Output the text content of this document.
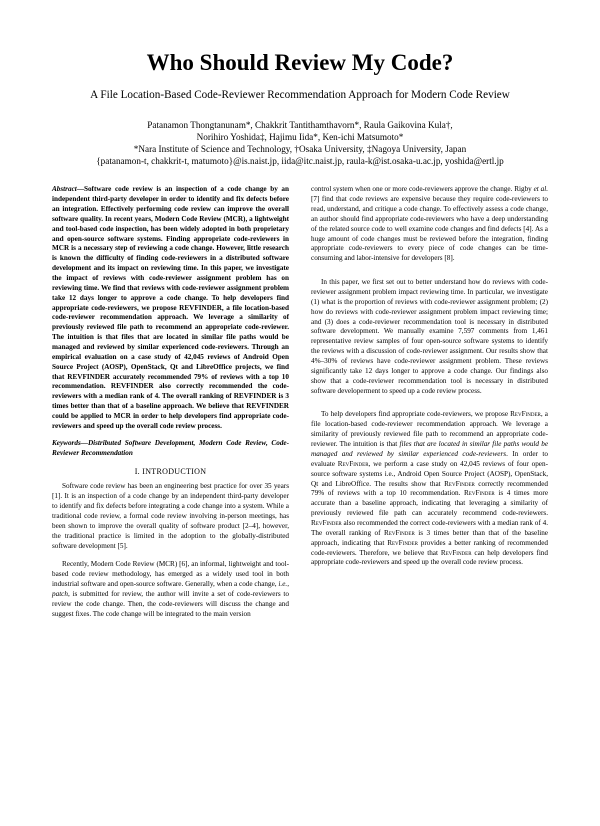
Who Should Review My Code?
A File Location-Based Code-Reviewer Recommendation Approach for Modern Code Review
Patanamon Thongtanunam*, Chakkrit Tantithamthavorn*, Raula Gaikovina Kula†,
Norihiro Yoshida‡, Hajimu Iida*, Ken-ichi Matsumoto*
*Nara Institute of Science and Technology, †Osaka University, ‡Nagoya University, Japan
{patanamon-t, chakkrit-t, matumoto}@is.naist.jp, iida@itc.naist.jp, raula-k@ist.osaka-u.ac.jp, yoshida@ertl.jp

Abstract—Software code review is an inspection of a code change by an independent third-party developer in order to identify and fix defects before an integration. Effectively performing code review can improve the overall software quality. In recent years, Modern Code Review (MCR), a lightweight and tool-based code inspection, has been widely adopted in both proprietary and open-source software systems. Finding appropriate code-reviewers in MCR is a necessary step of reviewing a code change. However, little research is known the difficulty of finding code-reviewers in a distributed software development and its impact on reviewing time. In this paper, we investigate the impact of reviews with code-reviewer assignment problem has on reviewing time. We find that reviews with code-reviewer assignment problem take 12 days longer to approve a code change. To help developers find appropriate code-reviewers, we propose REVFINDER, a file location-based code-reviewer recommendation approach. We leverage a similarity of previously reviewed file path to recommend an appropriate code-reviewer. The intuition is that files that are located in similar file paths would be managed and reviewed by similar experienced code-reviewers. Through an empirical evaluation on a case study of 42,045 reviews of Android Open Source Project (AOSP), OpenStack, Qt and LibreOffice projects, we find that REVFINDER accurately recommended 79% of reviews with a top 10 recommendation. REVFINDER also correctly recommended the code-reviewers with a median rank of 4. The overall ranking of REVFINDER is 3 times better than that of a baseline approach. We believe that REVFINDER could be applied to MCR in order to help developers find appropriate code-reviewers and speed up the overall code review process.

Keywords—Distributed Software Development, Modern Code Review, Code-Reviewer Recommendation

I. INTRODUCTION

Software code review has been an engineering best practice for over 35 years [1]. It is an inspection of a code change by an independent third-party developer to identify and fix defects before integrating a code change into a system. While a traditional code review, a formal code review involving in-person meetings, has been shown to improve the overall quality of software product [2–4], however, the traditional practice is limited in the adoption to the globally-distributed software development [5].

Recently, Modern Code Review (MCR) [6], an informal, lightweight and tool-based code review methodology, has emerged as a widely used tool in both industrial software and open-source software. Generally, when a code change, i.e., patch, is submitted for review, the author will invite a set of code-reviewers to review the code change. Then, the code-reviewers will discuss the change and suggest fixes. The code change will be integrated to the main version

control system when one or more code-reviewers approve the change. Rigby et al. [7] find that code reviews are expensive because they require code-reviewers to read, understand, and critique a code change. To effectively assess a code change, an author should find appropriate code-reviewers who have a deep understanding of the related source code to well examine code changes and find defects [4]. As a huge amount of code changes must be reviewed before the integration, finding appropriate code-reviewers to every piece of code changes can be time-consuming and labor-intensive for developers [8].

In this paper, we first set out to better understand how do reviews with code-reviewer assignment problem impact reviewing time. In particular, we investigate (1) what is the proportion of reviews with code-reviewer assignment problem; (2) how do reviews with code-reviewer assignment problem impact reviewing time; and (3) does a code-reviewer recommendation tool is necessary in distributed software development. We manually examine 7,597 comments from 1,461 representative review samples of four open-source software systems to identify the reviews with a discussion of code-reviewer assignment. Our results show that 4%–30% of reviews have code-reviewer assignment problem. These reviews significantly take 12 days longer to approve a code change. Our findings also show that a code-reviewer recommendation tool is necessary in distributed software developerment to speed up a code review process.

To help developers find appropriate code-reviewers, we propose RevFinder, a file location-based code-reviewer recommendation approach. We leverage a similarity of previously reviewed file path to recommend an appropriate code-reviewer. The intuition is that files that are located in similar file paths would be managed and reviewed by similar experienced code-reviewers. In order to evaluate RevFinder, we perform a case study on 42,045 reviews of four open-source software systems i.e., Android Open Source Project (AOSP), OpenStack, Qt and LibreOffice. The results show that RevFinder correctly recommended 79% of reviews with a top 10 recommendation. RevFinder is 4 times more accurate than a baseline approach, indicating that leveraging a similarity of previously reviewed file path can accurately recommend code-reviewers. RevFinder also recommended the correct code-reviewers with a median rank of 4. The overall ranking of RevFinder is 3 times better than that of the baseline approach, indicating that RevFinder provides a better ranking of recommended code-reviewers. Therefore, we believe that RevFinder can help developers find appropriate code-reviewers and speed up the overall code review process.
